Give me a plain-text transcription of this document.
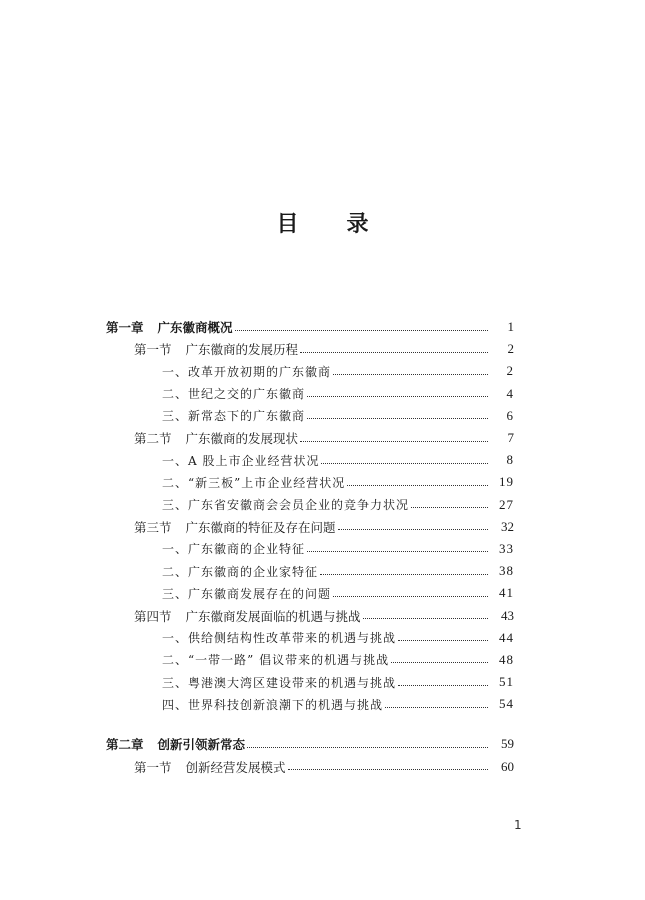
目 录
第一章 广东徽商概况	1
第一节 广东徽商的发展历程	2
一、改革开放初期的广东徽商	2
二、世纪之交的广东徽商	4
三、新常态下的广东徽商	6
第二节 广东徽商的发展现状	7
一、A 股上市企业经营状况	8
二、“新三板”上市企业经营状况	19
三、广东省安徽商会会员企业的竞争力状况	27
第三节 广东徽商的特征及存在问题	32
一、广东徽商的企业特征	33
二、广东徽商的企业家特征	38
三、广东徽商发展存在的问题	41
第四节 广东徽商发展面临的机遇与挑战	43
一、供给侧结构性改革带来的机遇与挑战	44
二、“一带一路” 倡议带来的机遇与挑战	48
三、粤港澳大湾区建设带来的机遇与挑战	51
四、世界科技创新浪潮下的机遇与挑战	54
第二章 创新引领新常态	59
第一节 创新经营发展模式	60
1
